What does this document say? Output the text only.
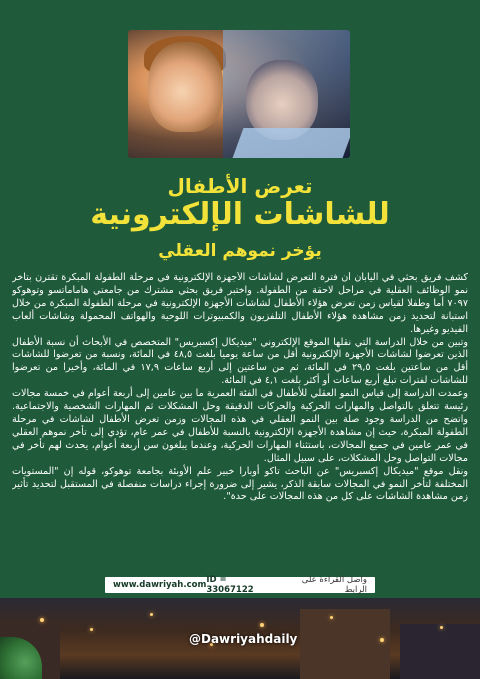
تعرض الأطفال
للشاشات الإلكترونية
يؤخر نموهم العقلي

كشف فريق بحثي في اليابان أن فترة التعرض لشاشات الأجهزة الإلكترونية في مرحلة الطفولة المبكرة تقترن بتأخر نمو الوظائف العقلية في مراحل لاحقة من الطفولة. واختبر فريق بحثي مشترك من جامعتي هاماماتسو وتوهوكو ٧٠٩٧ أما وطفلا لقياس زمن تعرض هؤلاء الأطفال لشاشات الأجهزة الإلكترونية في مرحلة الطفولة المبكرة من خلال استبانة لتحديد زمن مشاهدة هؤلاء الأطفال التلفزيون والكمبيوترات اللوحية والهواتف المحمولة وشاشات ألعاب الفيديو وغيرها.

وتبين من خلال الدراسة التي نقلها الموقع الإلكتروني "ميديكال إكسبريس" المتخصص في الأبحاث أن نسبة الأطفال الذين تعرضوا لشاشات الأجهزة الإلكترونية أقل من ساعة يوميا بلغت ٤٨,٥ في المائة، ونسبة من تعرضوا للشاشات أقل من ساعتين بلغت ٢٩,٥ في المائة، ثم من ساعتين إلى أربع ساعات ١٧,٩ في المائة، وأخيرا من تعرضوا للشاشات لفترات تبلغ أربع ساعات أو أكثر بلغت ٤,١ في المائة.

وعمدت الدراسة إلى قياس النمو العقلي للأطفال في الفئة العمرية ما بين عامين إلى أربعة أعوام في خمسة مجالات رئيسة تتعلق بالتواصل والمهارات الحركية والحركات الدقيقة وحل المشكلات ثم المهارات الشخصية والاجتماعية. واتضح من الدراسة وجود صلة بين النمو العقلي في هذه المجالات وزمن تعرض الأطفال لشاشات في مرحلة الطفولة المبكرة، حيث إن مشاهدة الأجهزة الإلكترونية بالنسبة للأطفال في عمر عام، تؤدي إلى تأخر نموهم العقلي في عمر عامين في جميع المجالات، باستثناء المهارات الحركية، وعندما يبلغون سن أربعة أعوام، يحدث لهم تأخر في مجالات التواصل وحل المشكلات، على سبيل المثال.

ونقل موقع "ميديكال إكسبريس" عن الباحث تاكو أوبارا خبير علم الأوبئة بجامعة توهوكو، قوله إن "المستويات المختلفة لتأخر النمو في المجالات سابقة الذكر، يشير إلى ضرورة إجراء دراسات منفصلة في المستقبل لتحديد تأثير زمن مشاهدة الشاشات على كل من هذه المجالات على حدة".

واصل القراءة على الرابط
ID = 33067122
www.dawriyah.com
@Dawriyahdaily
